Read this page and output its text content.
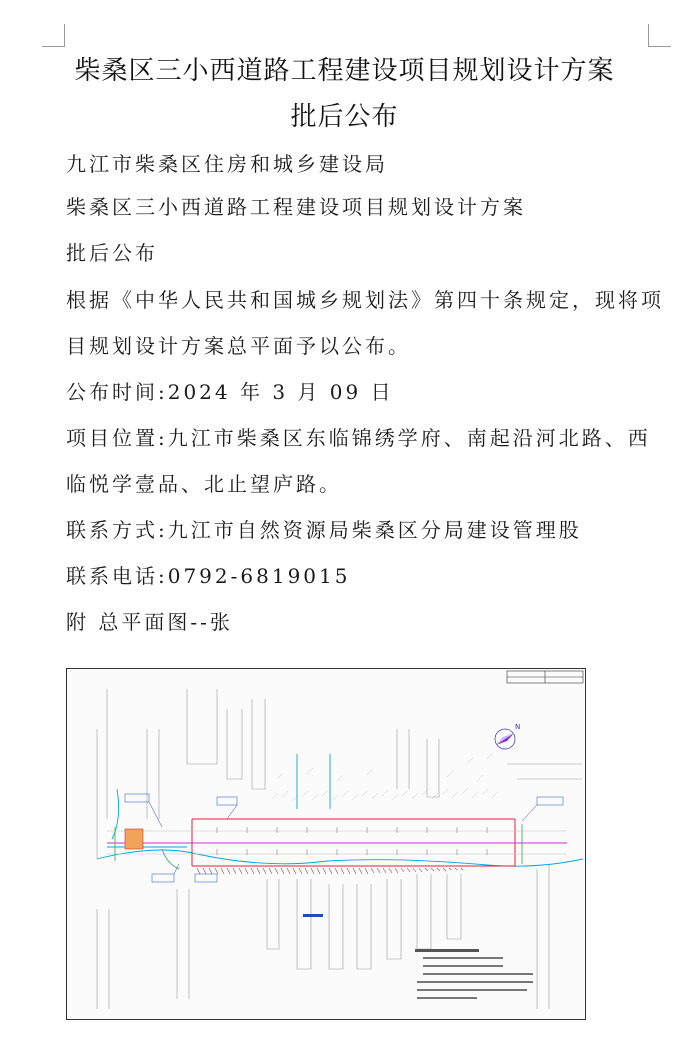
柴桑区三小西道路工程建设项目规划设计方案
批后公布
九江市柴桑区住房和城乡建设局
柴桑区三小西道路工程建设项目规划设计方案
批后公布
根据《中华人民共和国城乡规划法》第四十条规定，现将项
目规划设计方案总平面予以公布。
公布时间:2024 年 3 月 09 日
项目位置:九江市柴桑区东临锦绣学府、南起沿河北路、西
临悦学壹品、北止望庐路。
联系方式:九江市自然资源局柴桑区分局建设管理股
联系电话:0792-6819015
附 总平面图--张
N
